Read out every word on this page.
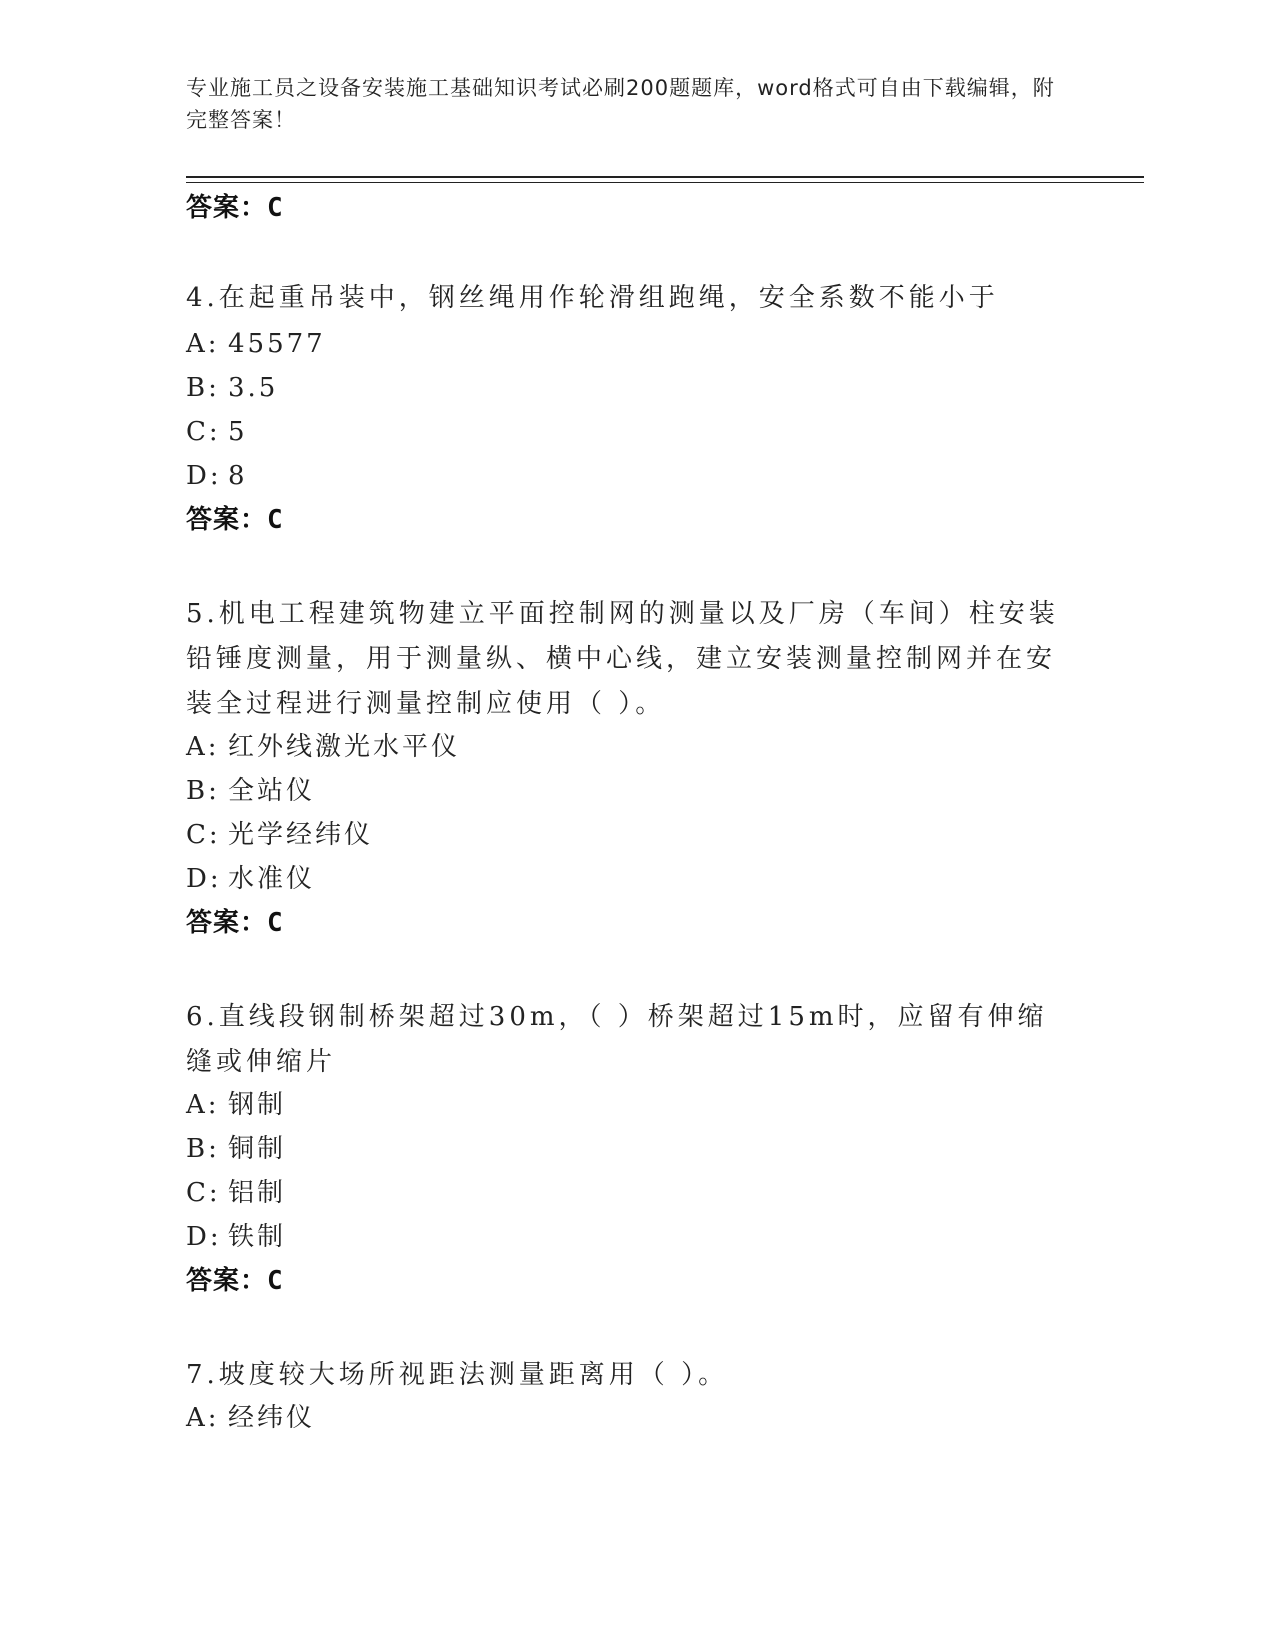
专业施工员之设备安装施工基础知识考试必刷200题题库，word格式可自由下载编辑，附完整答案！
答案：C
4.在起重吊装中，钢丝绳用作轮滑组跑绳，安全系数不能小于
A: 45577
B: 3.5
C: 5
D: 8
答案：C
5.机电工程建筑物建立平面控制网的测量以及厂房（车间）柱安装铅锤度测量，用于测量纵、横中心线，建立安装测量控制网并在安装全过程进行测量控制应使用（ ）。
A: 红外线激光水平仪
B: 全站仪
C: 光学经纬仪
D: 水准仪
答案：C
6.直线段钢制桥架超过30m，（ ）桥架超过15m时，应留有伸缩缝或伸缩片
A: 钢制
B: 铜制
C: 铝制
D: 铁制
答案：C
7.坡度较大场所视距法测量距离用（ ）。
A: 经纬仪
